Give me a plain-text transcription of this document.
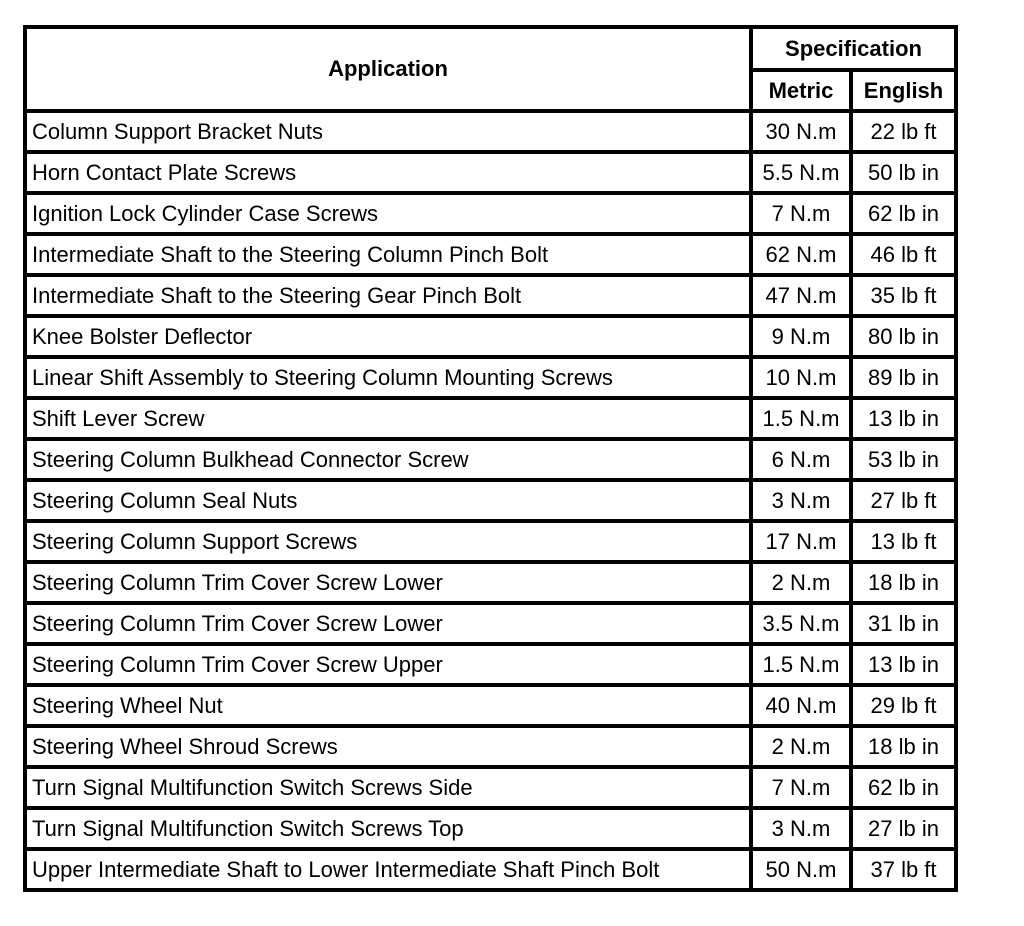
Application	Specification	
	Metric	English
Column Support Bracket Nuts	30 N.m	22 lb ft
Horn Contact Plate Screws	5.5 N.m	50 lb in
Ignition Lock Cylinder Case Screws	7 N.m	62 lb in
Intermediate Shaft to the Steering Column Pinch Bolt	62 N.m	46 lb ft
Intermediate Shaft to the Steering Gear Pinch Bolt	47 N.m	35 lb ft
Knee Bolster Deflector	9 N.m	80 lb in
Linear Shift Assembly to Steering Column Mounting Screws	10 N.m	89 lb in
Shift Lever Screw	1.5 N.m	13 lb in
Steering Column Bulkhead Connector Screw	6 N.m	53 lb in
Steering Column Seal Nuts	3 N.m	27 lb ft
Steering Column Support Screws	17 N.m	13 lb ft
Steering Column Trim Cover Screw Lower	2 N.m	18 lb in
Steering Column Trim Cover Screw Lower	3.5 N.m	31 lb in
Steering Column Trim Cover Screw Upper	1.5 N.m	13 lb in
Steering Wheel Nut	40 N.m	29 lb ft
Steering Wheel Shroud Screws	2 N.m	18 lb in
Turn Signal Multifunction Switch Screws Side	7 N.m	62 lb in
Turn Signal Multifunction Switch Screws Top	3 N.m	27 lb in
Upper Intermediate Shaft to Lower Intermediate Shaft Pinch Bolt	50 N.m	37 lb ft
